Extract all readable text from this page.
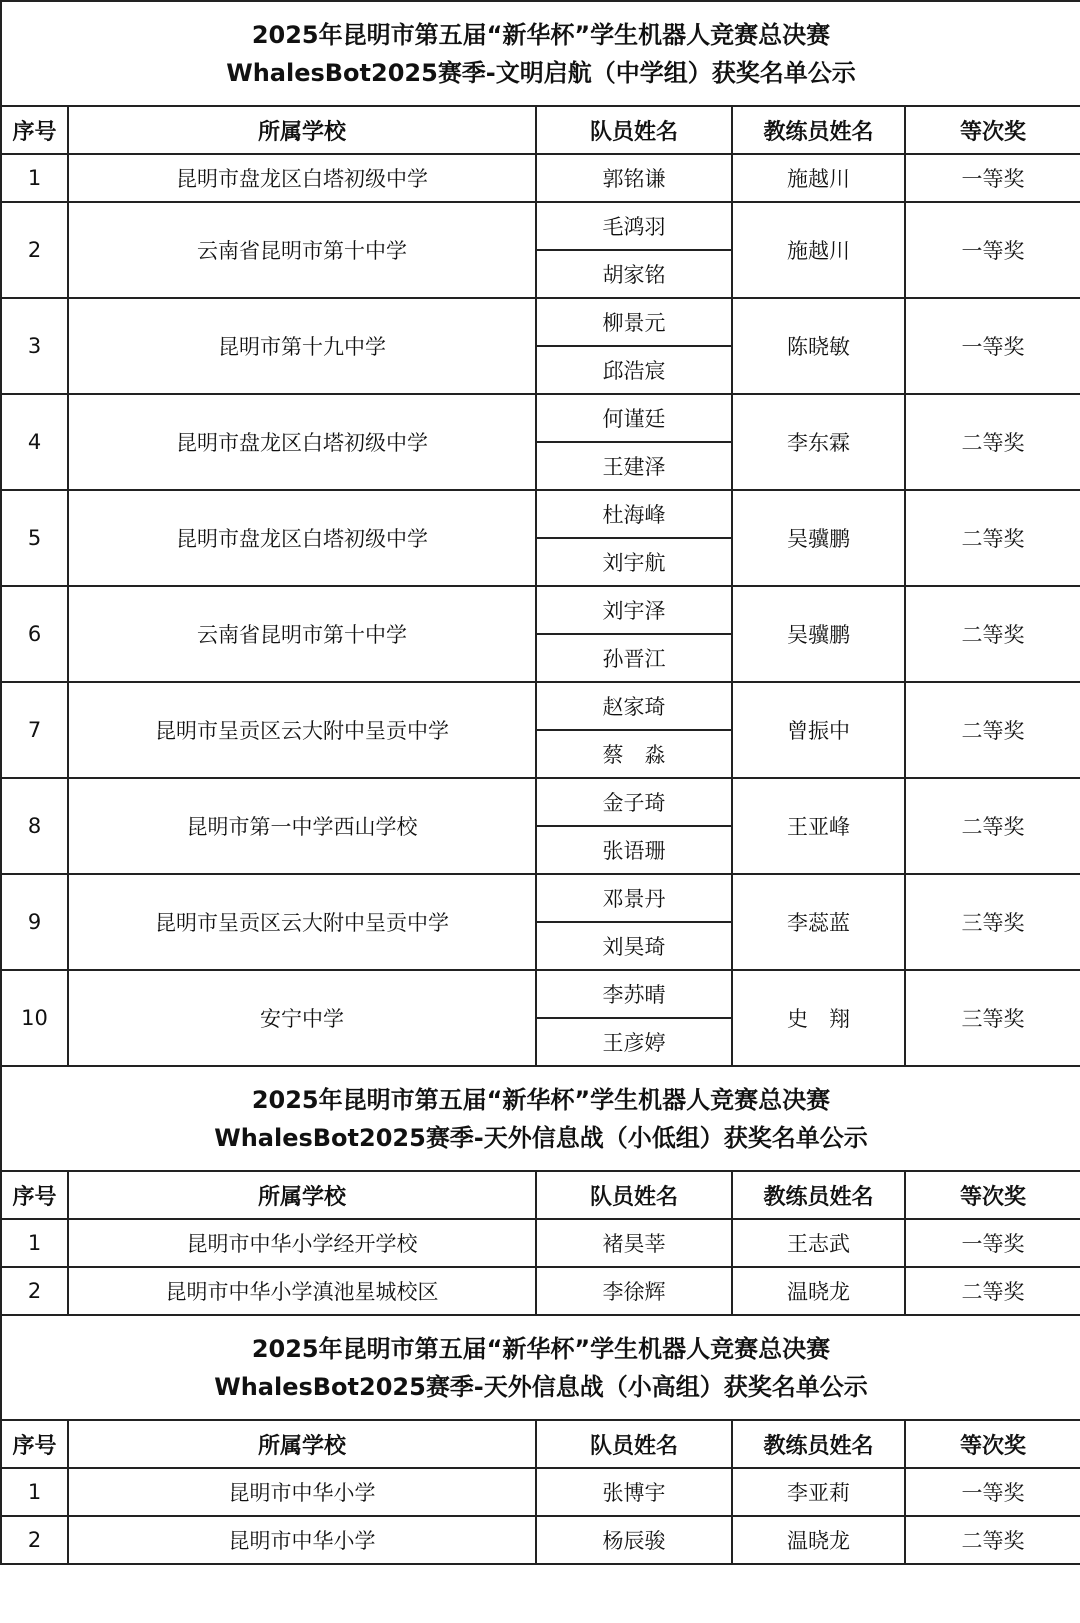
2025年昆明市第五届“新华杯”学生机器人竞赛总决赛
WhalesBot2025赛季-文明启航（中学组）获奖名单公示				

序号	所属学校	队员姓名	教练员姓名	等次奖
1	昆明市盘龙区白塔初级中学	郭铭谦	施越川	一等奖
2	云南省昆明市第十中学	毛鸿羽	施越川	一等奖
		胡家铭		
3	昆明市第十九中学	柳景元	陈晓敏	一等奖
		邱浩宸		
4	昆明市盘龙区白塔初级中学	何谨廷	李东霖	二等奖
		王建泽		
5	昆明市盘龙区白塔初级中学	杜海峰	吴骥鹏	二等奖
		刘宇航		
6	云南省昆明市第十中学	刘宇泽	吴骥鹏	二等奖
		孙晋江		
7	昆明市呈贡区云大附中呈贡中学	赵家琦	曾振中	二等奖
		蔡　淼		
8	昆明市第一中学西山学校	金子琦	王亚峰	二等奖
		张语珊		
9	昆明市呈贡区云大附中呈贡中学	邓景丹	李蕊蓝	三等奖
		刘昊琦		
10	安宁中学	李苏晴	史　翔	三等奖
		王彦婷		

2025年昆明市第五届“新华杯”学生机器人竞赛总决赛
WhalesBot2025赛季-天外信息战（小低组）获奖名单公示				

序号	所属学校	队员姓名	教练员姓名	等次奖
1	昆明市中华小学经开学校	褚昊莘	王志武	一等奖
2	昆明市中华小学滇池星城校区	李徐辉	温晓龙	二等奖

2025年昆明市第五届“新华杯”学生机器人竞赛总决赛
WhalesBot2025赛季-天外信息战（小高组）获奖名单公示				

序号	所属学校	队员姓名	教练员姓名	等次奖
1	昆明市中华小学	张博宇	李亚莉	一等奖
2	昆明市中华小学	杨辰骏	温晓龙	二等奖
